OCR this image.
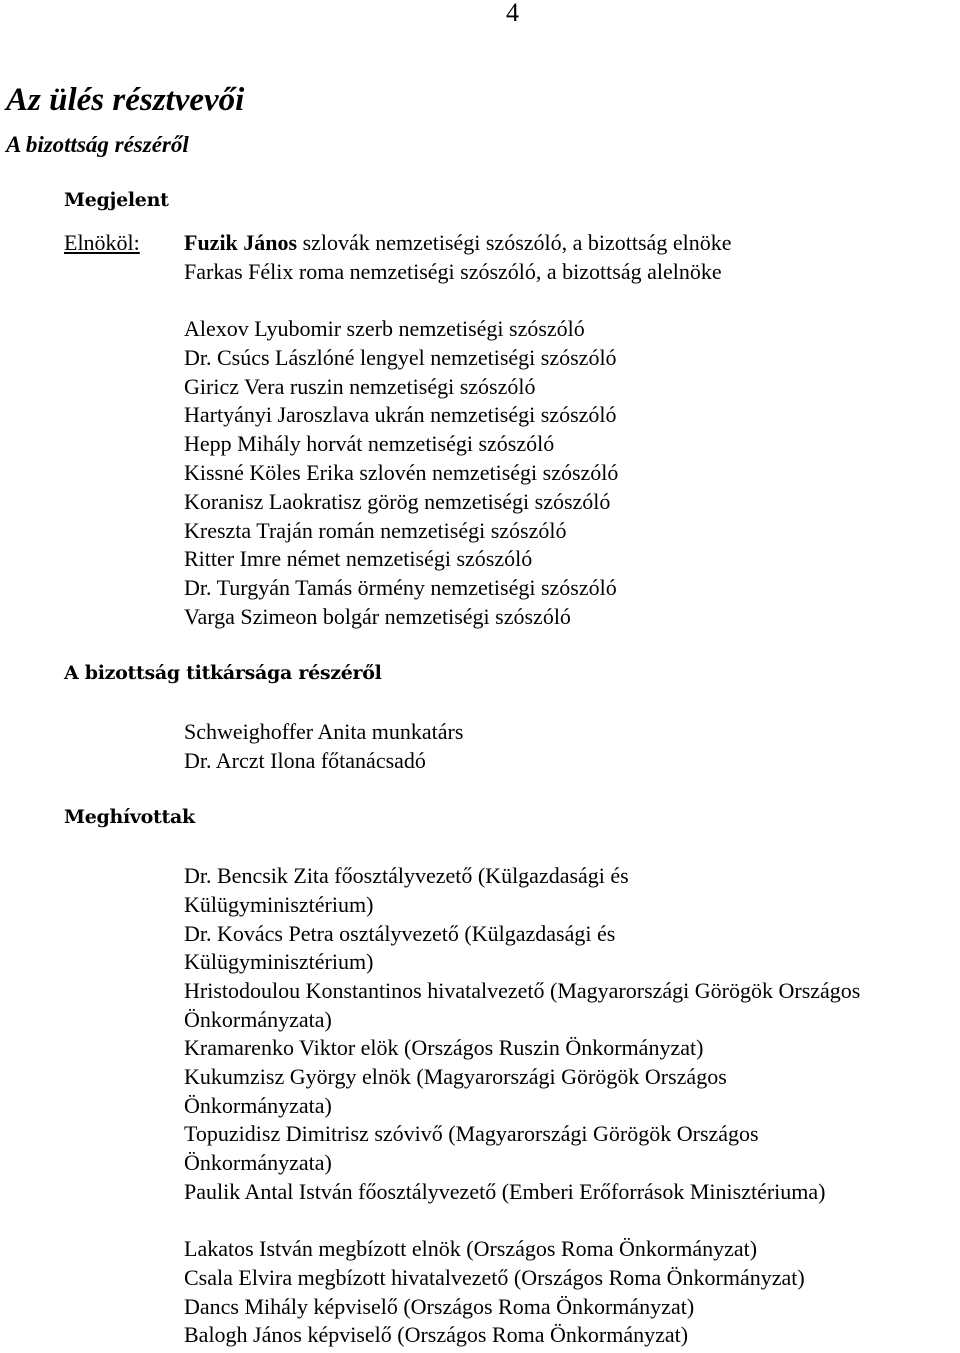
4
Az ülés résztvevői
A bizottság részéről
Megjelent
Elnököl: Fuzik János szlovák nemzetiségi szószóló, a bizottság elnöke
Farkas Félix roma nemzetiségi szószóló, a bizottság alelnöke
Alexov Lyubomir szerb nemzetiségi szószóló
Dr. Csúcs Lászlóné lengyel nemzetiségi szószóló
Giricz Vera ruszin nemzetiségi szószóló
Hartyányi Jaroszlava ukrán nemzetiségi szószóló
Hepp Mihály horvát nemzetiségi szószóló
Kissné Köles Erika szlovén nemzetiségi szószóló
Koranisz Laokratisz görög nemzetiségi szószóló
Kreszta Traján román nemzetiségi szószóló
Ritter Imre német nemzetiségi szószóló
Dr. Turgyán Tamás örmény nemzetiségi szószóló
Varga Szimeon bolgár nemzetiségi szószóló
A bizottság titkársága részéről
Schweighoffer Anita munkatárs
Dr. Arczt Ilona főtanácsadó
Meghívottak
Dr. Bencsik Zita főosztályvezető (Külgazdasági és Külügyminisztérium)
Dr. Kovács Petra osztályvezető (Külgazdasági és Külügyminisztérium)
Hristodoulou Konstantinos hivatalvezető (Magyarországi Görögök Országos Önkormányzata)
Kramarenko Viktor elök (Országos Ruszin Önkormányzat)
Kukumzisz György elnök (Magyarországi Görögök Országos Önkormányzata)
Topuzidisz Dimitrisz szóvivő (Magyarországi Görögök Országos Önkormányzata)
Paulik Antal István főosztályvezető (Emberi Erőforrások Minisztériuma)
Lakatos István megbízott elnök (Országos Roma Önkormányzat)
Csala Elvira megbízott hivatalvezető (Országos Roma Önkormányzat)
Dancs Mihály képviselő (Országos Roma Önkormányzat)
Balogh János képviselő (Országos Roma Önkormányzat)
